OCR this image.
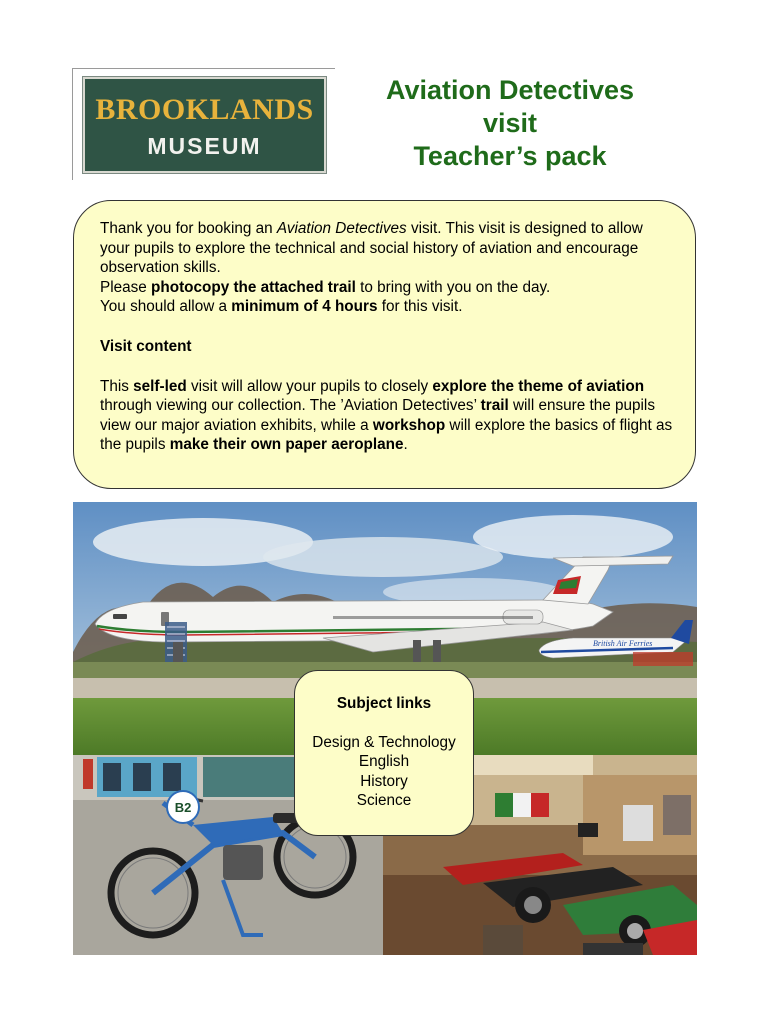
BROOKLANDS
MUSEUM
Aviation Detectives
visit
Teacher’s pack

Thank you for booking an Aviation Detectives visit. This visit is designed to allow your pupils to explore the technical and social history of aviation and encourage observation skills.

Please photocopy the attached trail to bring with you on the day.

You should allow a minimum of 4 hours for this visit.

Visit content

This self-led visit will allow your pupils to closely explore the theme of aviation through viewing our collection. The ’Aviation Detectives’ trail will ensure the pupils view our major aviation exhibits, while a workshop will explore the basics of flight as the pupils make their own paper aeroplane.

British Air Ferries
B2
Subject links
Design & Technology
English
History
Science
